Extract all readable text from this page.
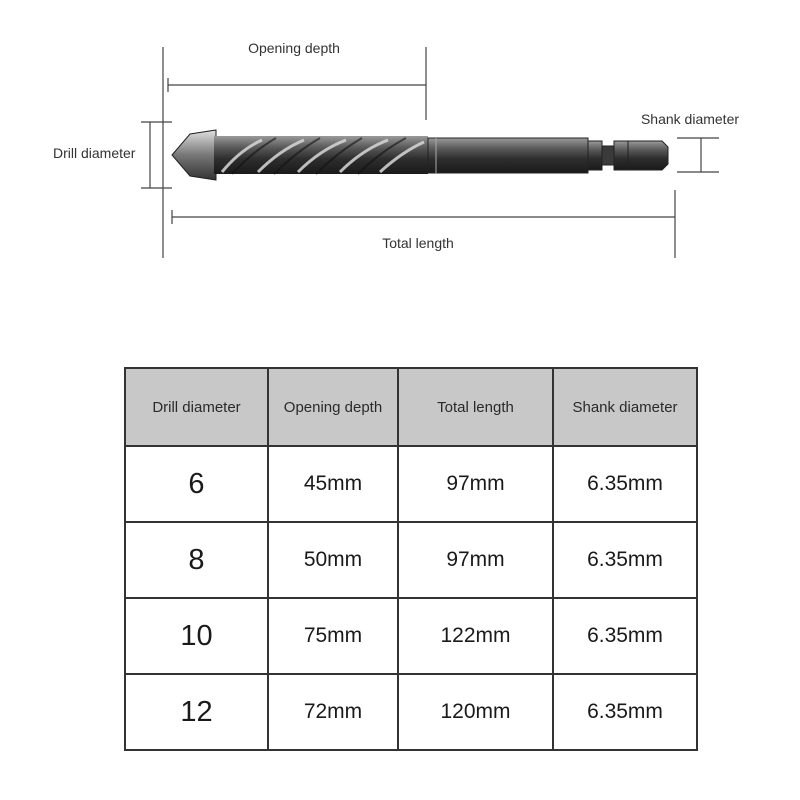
Opening depth
Drill diameter
Total length
Shank diameter
Drill diameter	Opening depth	Total length	Shank diameter
6	45mm	97mm	6.35mm
8	50mm	97mm	6.35mm
10	75mm	122mm	6.35mm
12	72mm	120mm	6.35mm
